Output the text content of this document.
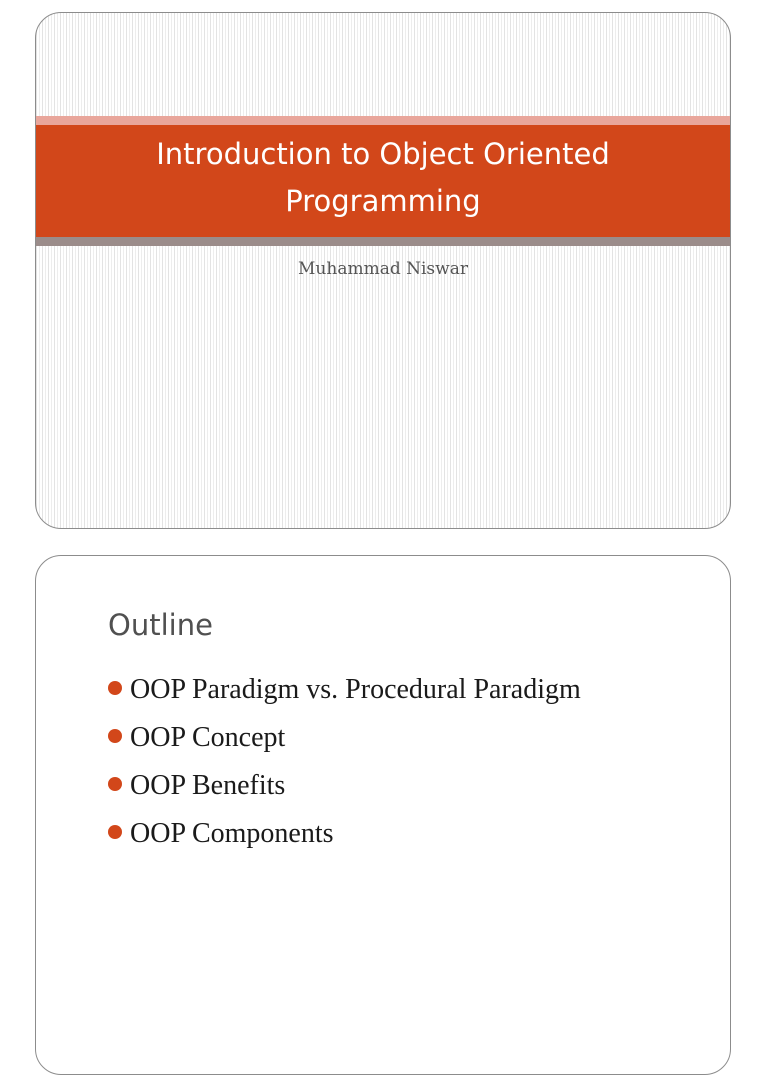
Introduction to Object Oriented
Programming
Muhammad Niswar
Outline
OOP Paradigm vs. Procedural Paradigm
OOP Concept
OOP Benefits
OOP Components
